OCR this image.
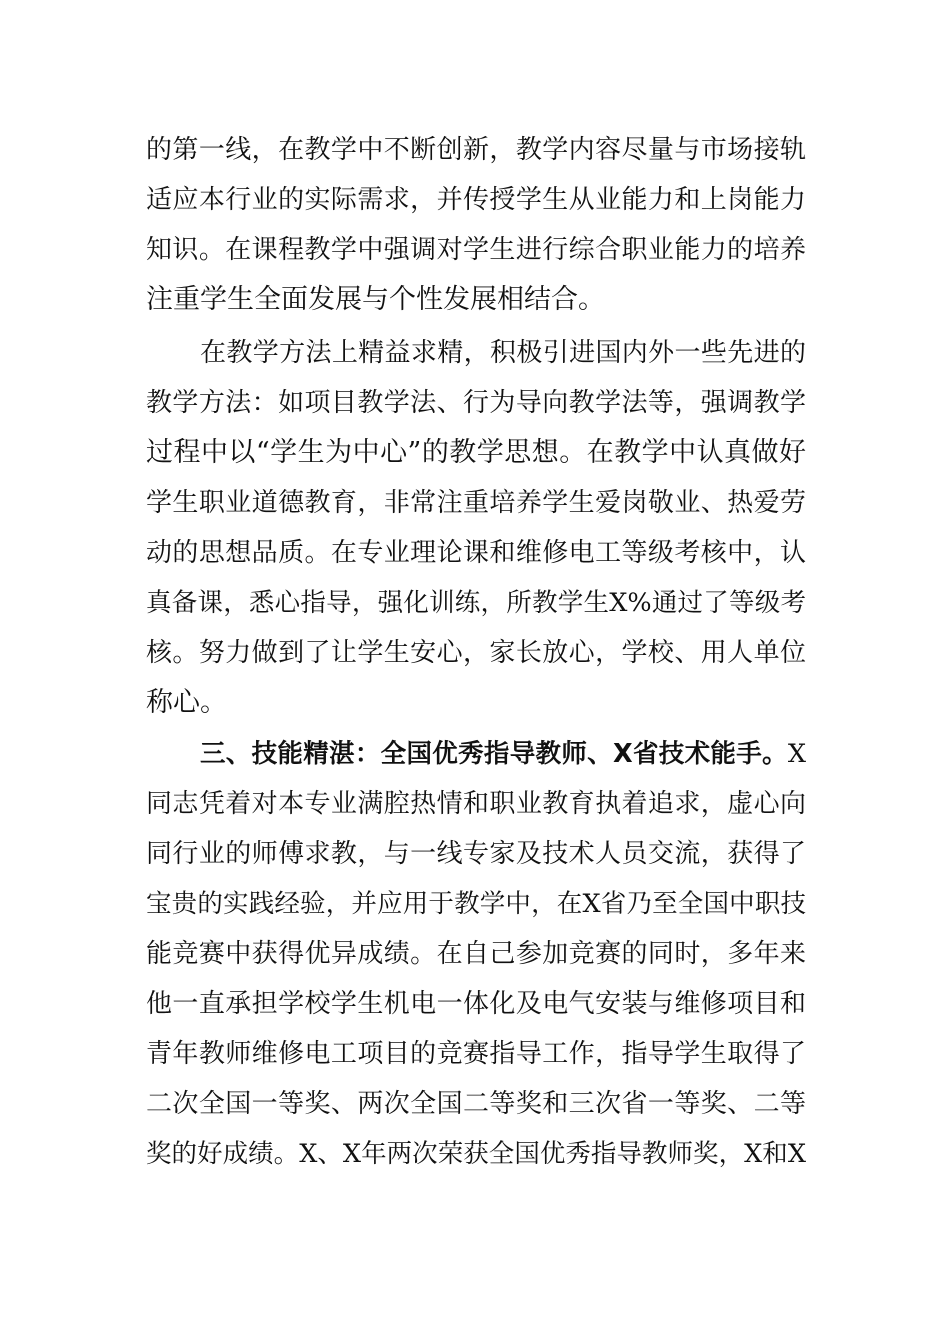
的第一线，在教学中不断创新，教学内容尽量与市场接轨
适应本行业的实际需求，并传授学生从业能力和上岗能力
知识。在课程教学中强调对学生进行综合职业能力的培养
注重学生全面发展与个性发展相结合。
在教学方法上精益求精，积极引进国内外一些先进的
教学方法：如项目教学法、行为导向教学法等，强调教学
过程中以“学生为中心”的教学思想。在教学中认真做好
学生职业道德教育，非常注重培养学生爱岗敬业、热爱劳
动的思想品质。在专业理论课和维修电工等级考核中，认
真备课，悉心指导，强化训练，所教学生X%通过了等级考
核。努力做到了让学生安心，家长放心，学校、用人单位
称心。
三、技能精湛：全国优秀指导教师、X省技术能手。X
同志凭着对本专业满腔热情和职业教育执着追求，虚心向
同行业的师傅求教，与一线专家及技术人员交流，获得了
宝贵的实践经验，并应用于教学中，在X省乃至全国中职技
能竞赛中获得优异成绩。在自己参加竞赛的同时，多年来
他一直承担学校学生机电一体化及电气安装与维修项目和
青年教师维修电工项目的竞赛指导工作，指导学生取得了
二次全国一等奖、两次全国二等奖和三次省一等奖、二等
奖的好成绩。X、X年两次荣获全国优秀指导教师奖，X和X
